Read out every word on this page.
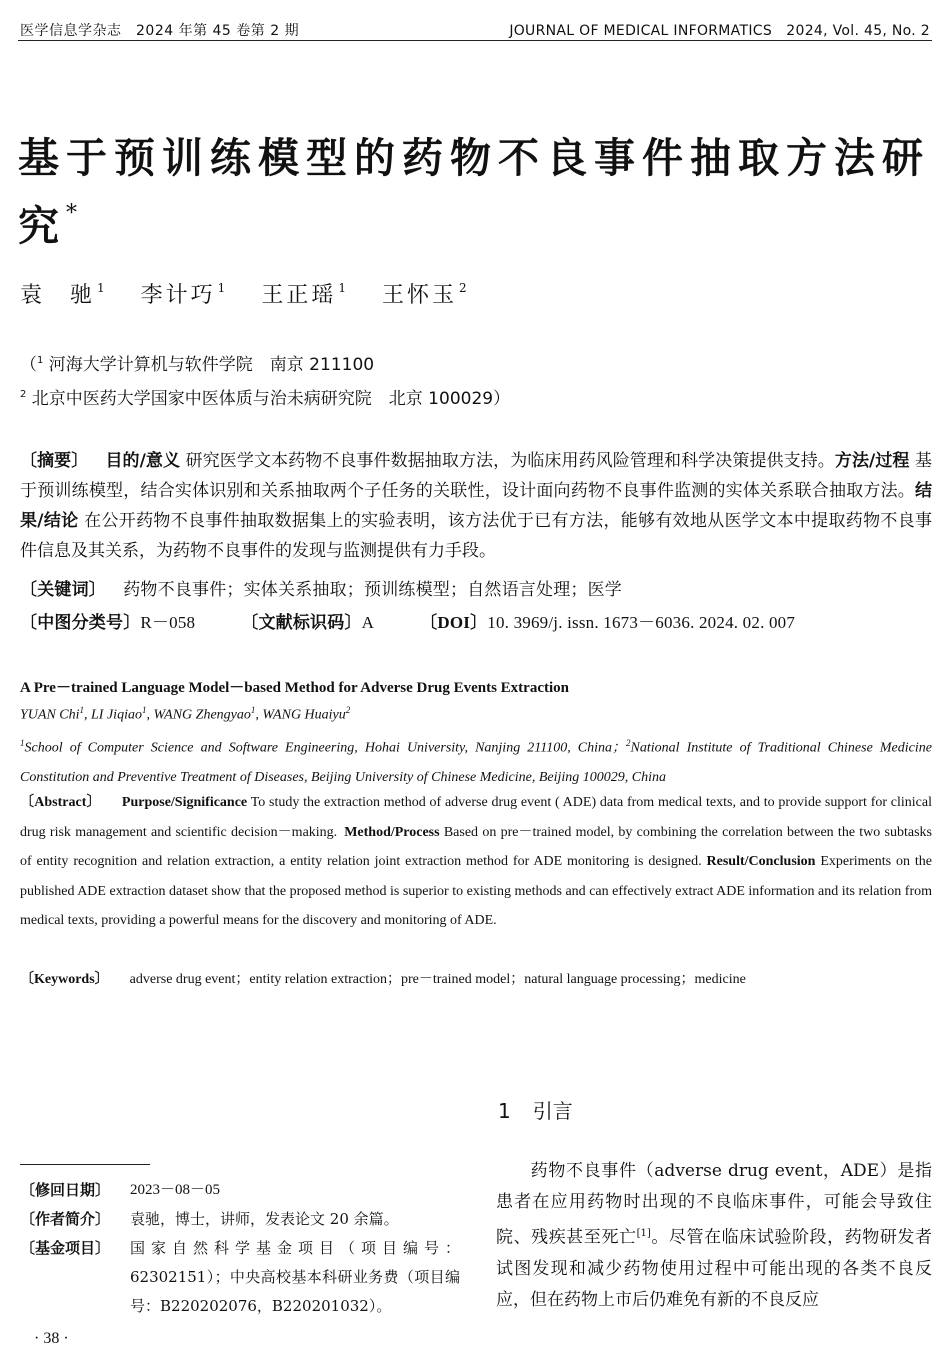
医学信息学杂志　2024 年第 45 卷第 2 期	JOURNAL OF MEDICAL INFORMATICS　2024, Vol. 45, No. 2
基于预训练模型的药物不良事件抽取方法研究*
袁　驰 $^1$ 李计巧 $^1$ 王正瑶 $^1$ 王怀玉 $^2$
（$^1$ 河海大学计算机与软件学院　南京 211100
$^2$ 北京中医药大学国家中医体质与治未病研究院　北京 100029）
〔摘要〕  目的/意义 研究医学文本药物不良事件数据抽取方法，为临床用药风险管理和科学决策提供支持。方法/过程 基于预训练模型，结合实体识别和关系抽取两个子任务的关联性，设计面向药物不良事件监测的实体关系联合抽取方法。结果/结论 在公开药物不良事件抽取数据集上的实验表明，该方法优于已有方法，能够有效地从医学文本中提取药物不良事件信息及其关系，为药物不良事件的发现与监测提供有力手段。
〔关键词〕  药物不良事件；实体关系抽取；预训练模型；自然语言处理；医学
〔中图分类号〕R－058	〔文献标识码〕A	〔DOI〕10. 3969/j. issn. 1673－6036. 2024. 02. 007
A Pre－trained Language Model－based Method for Adverse Drug Events Extraction
YUAN Chi$^1$, LI Jiqiao$^1$, WANG Zhengyao$^1$, WANG Huaiyu$^2$
$^1$School of Computer Science and Software Engineering, Hohai University, Nanjing 211100, China；$^2$National Institute of Traditional Chinese Medicine Constitution and Preventive Treatment of Diseases, Beijing University of Chinese Medicine, Beijing 100029, China
〔Abstract〕   Purpose/Significance To study the extraction method of adverse drug event ( ADE) data from medical texts, and to provide support for clinical drug risk management and scientific decision－making.  Method/Process Based on pre－trained model, by combining the correlation between the two subtasks of entity recognition and relation extraction, a entity relation joint extraction method for ADE monitoring is designed. Result/Conclusion Experiments on the published ADE extraction dataset show that the proposed method is superior to existing methods and can effectively extract ADE information and its relation from medical texts, providing a powerful means for the discovery and monitoring of ADE.
〔Keywords〕   adverse drug event；entity relation extraction；pre－trained model；natural language processing；medicine
1 引言
  药物不良事件（adverse drug event，ADE）是指患者在应用药物时出现的不良临床事件，可能会导致住院、残疾甚至死亡[1]。尽管在临床试验阶段，药物研发者试图发现和减少药物使用过程中可能出现的各类不良反应，但在药物上市后仍难免有新的不良反应
〔修回日期〕 2023－08－05
〔作者简介〕 袁驰，博士，讲师，发表论文 20 余篇。
〔基金项目〕 国家自然科学基金项目（项目编号：62302151）；中央高校基本科研业务费（项目编号：B220202076，B220201032）。
· 38 ·
